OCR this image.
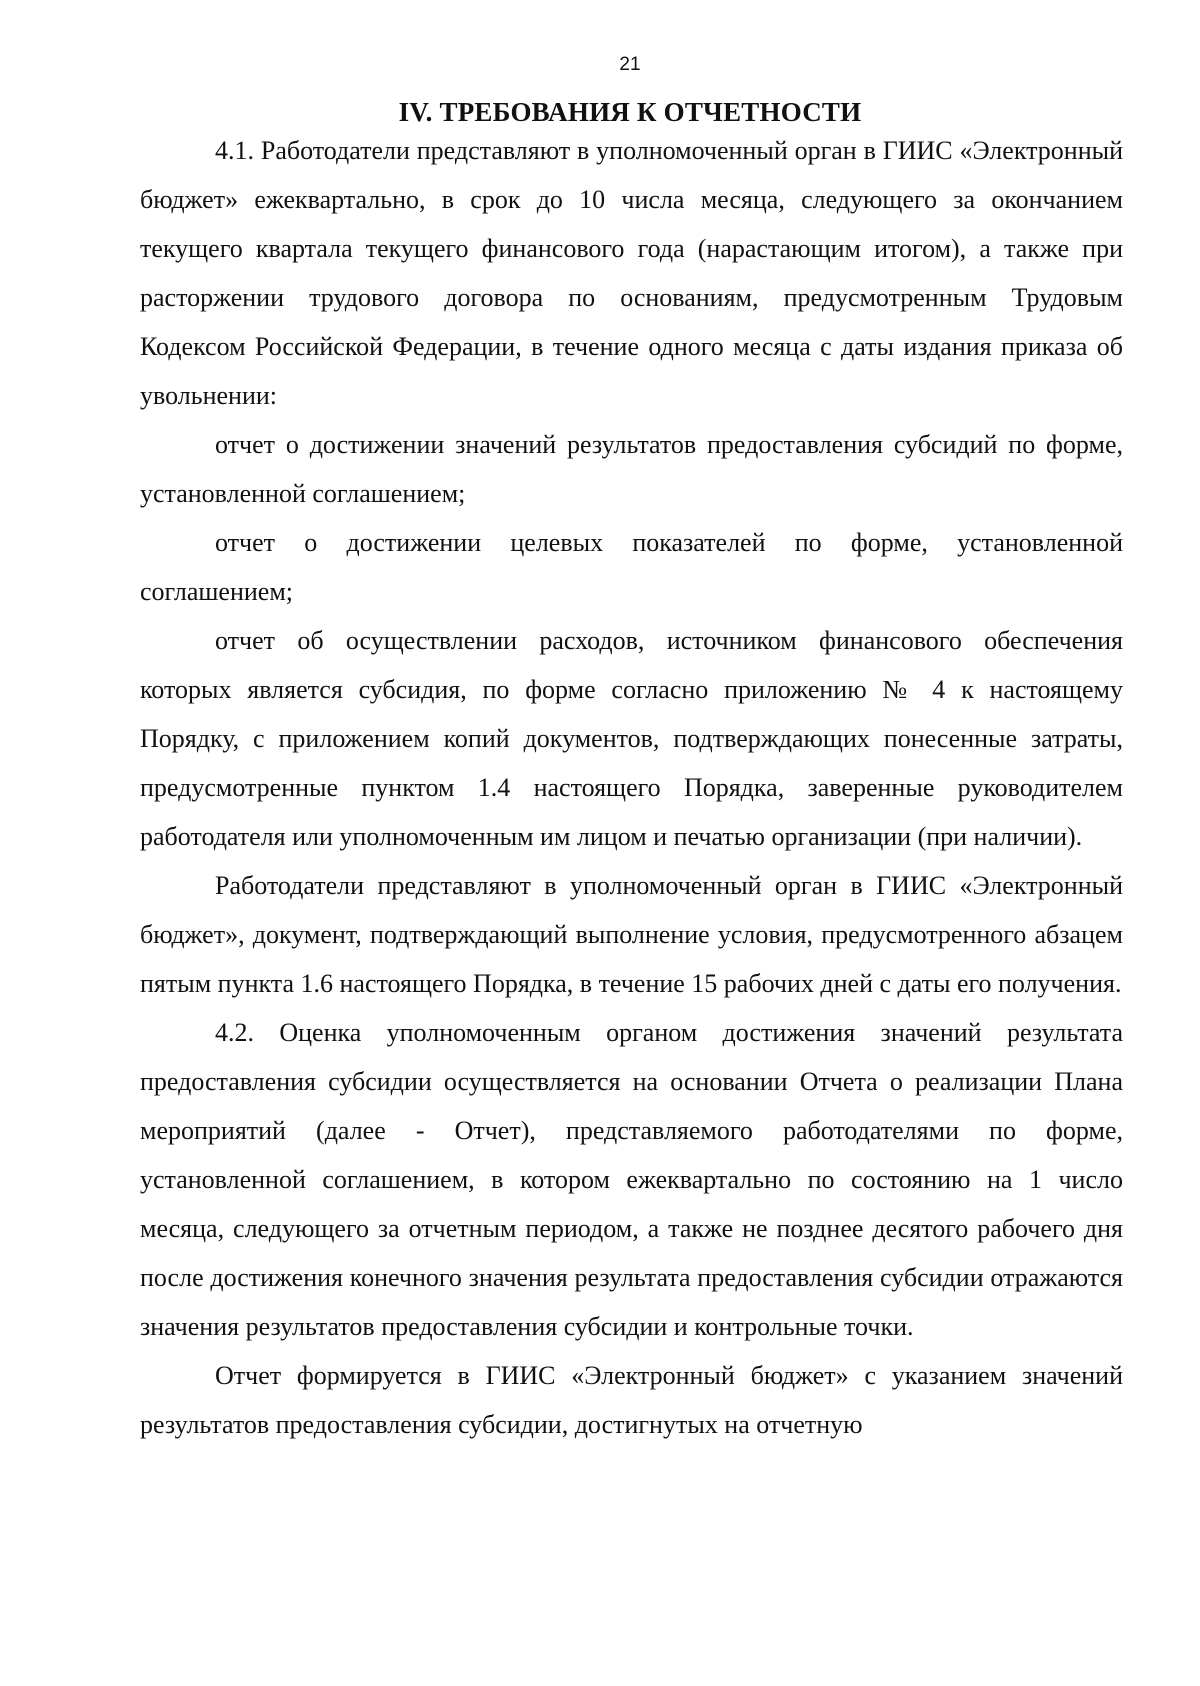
21
IV. ТРЕБОВАНИЯ К ОТЧЕТНОСТИ

4.1. Работодатели представляют в уполномоченный орган в ГИИС «Электронный бюджет» ежеквартально, в срок до 10 числа месяца, следующего за окончанием текущего квартала текущего финансового года (нарастающим итогом), а также при расторжении трудового договора по основаниям, предусмотренным Трудовым Кодексом Российской Федерации, в течение одного месяца с даты издания приказа об увольнении:

отчет о достижении значений результатов предоставления субсидий по форме, установленной соглашением;

отчет о достижении целевых показателей по форме, установленной соглашением;

отчет об осуществлении расходов, источником финансового обеспечения которых является субсидия, по форме согласно приложению № 4 к настоящему Порядку, с приложением копий документов, подтверждающих понесенные затраты, предусмотренные пунктом 1.4 настоящего Порядка, заверенные руководителем работодателя или уполномоченным им лицом и печатью организации (при наличии).

Работодатели представляют в уполномоченный орган в ГИИС «Электронный бюджет», документ, подтверждающий выполнение условия, предусмотренного абзацем пятым пункта 1.6 настоящего Порядка, в течение 15 рабочих дней с даты его получения.

4.2. Оценка уполномоченным органом достижения значений результата предоставления субсидии осуществляется на основании Отчета о реализации Плана мероприятий (далее - Отчет), представляемого работодателями по форме, установленной соглашением, в котором ежеквартально по состоянию на 1 число месяца, следующего за отчетным периодом, а также не позднее десятого рабочего дня после достижения конечного значения результата предоставления субсидии отражаются значения результатов предоставления субсидии и контрольные точки.

Отчет формируется в ГИИС «Электронный бюджет» с указанием значений результатов предоставления субсидии, достигнутых на отчетную
